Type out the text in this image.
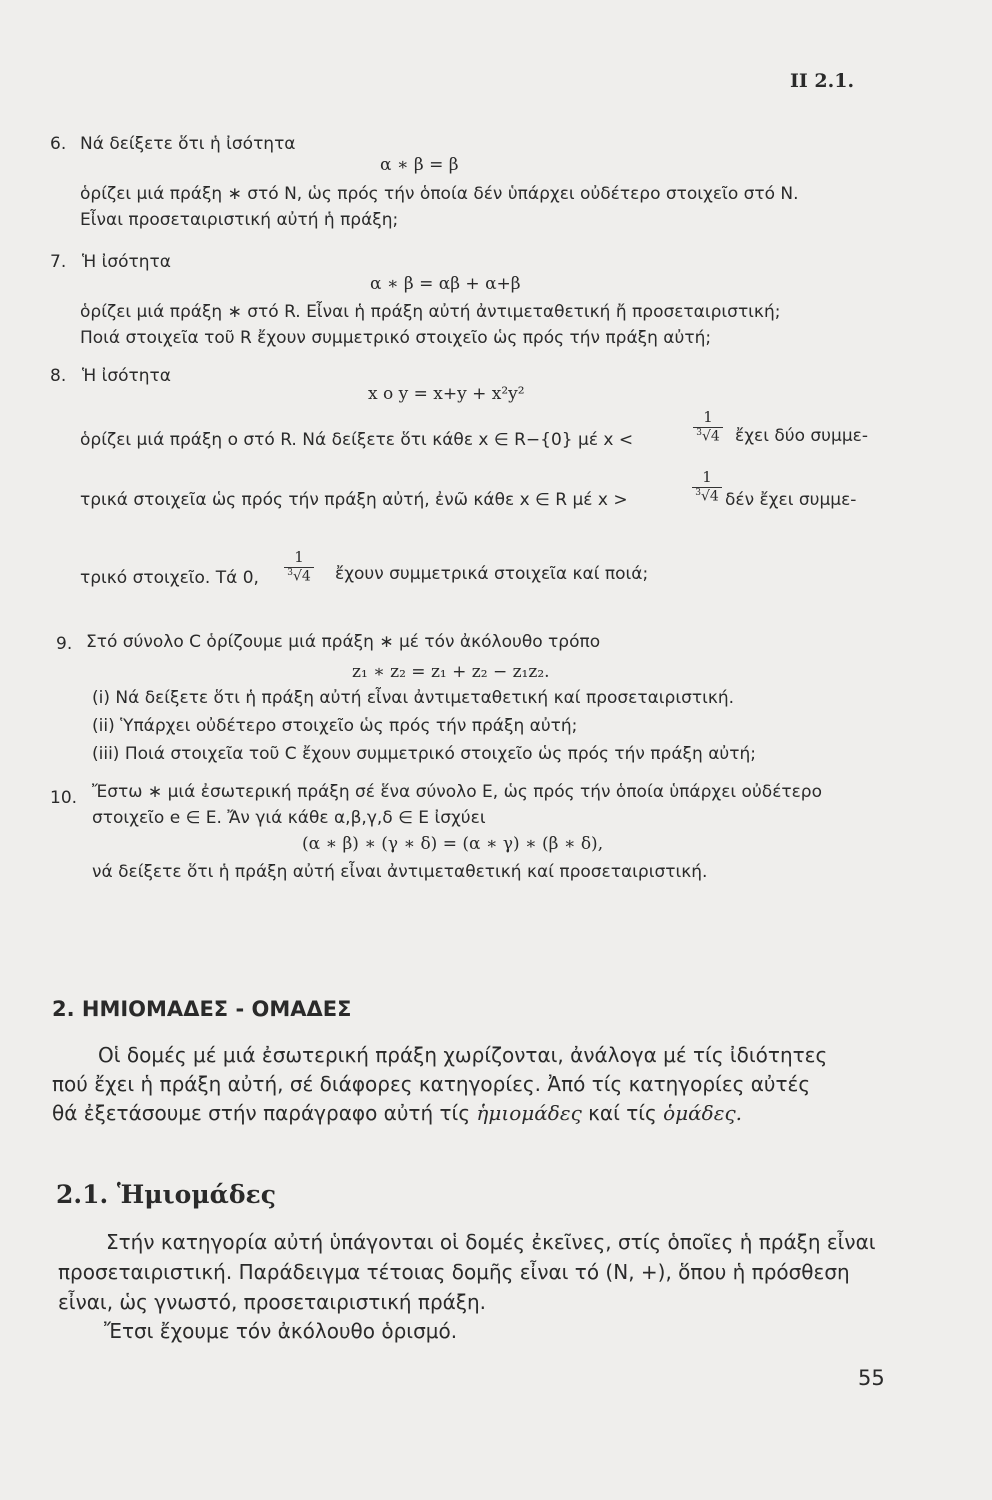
II 2.1.
6. Νά δείξετε ὅτι ἡ ἰσότητα
α ∗ β = β
ὁρίζει μιά πράξη ∗ στό N, ὡς πρός τήν ὁποία δέν ὑπάρχει οὐδέτερο στοιχεῖο στό N.
Εἶναι προσεταιριστική αὐτή ἡ πράξη;
7. Ἡ ἰσότητα
α ∗ β = αβ + α+β
ὁρίζει μιά πράξη ∗ στό R. Εἶναι ἡ πράξη αὐτή ἀντιμεταθετική ἤ προσεταιριστική;
Ποιά στοιχεῖα τοῦ R ἔχουν συμμετρικό στοιχεῖο ὡς πρός τήν πράξη αὐτή;
8. Ἡ ἰσότητα
x o y = x+y + x²y²
ὁρίζει μιά πράξη o στό R. Νά δείξετε ὅτι κάθε x ∈ R−{0} μέ x <
1
$^3$√4 ἔχει δύο συμμε-
τρικά στοιχεῖα ὡς πρός τήν πράξη αὐτή, ἐνῶ κάθε x ∈ R μέ x >
1
$^3$√4 δέν ἔχει συμμε-
τρικό στοιχεῖο. Τά 0,
1
$^3$√4 ἔχουν συμμετρικά στοιχεῖα καί ποιά;
9. Στό σύνολο C ὁρίζουμε μιά πράξη ∗ μέ τόν ἀκόλουθο τρόπο
z₁ ∗ z₂ = z₁ + z₂ − z₁z₂.
(i) Νά δείξετε ὅτι ἡ πράξη αὐτή εἶναι ἀντιμεταθετική καί προσεταιριστική.
(ii) Ὑπάρχει οὐδέτερο στοιχεῖο ὡς πρός τήν πράξη αὐτή;
(iii) Ποιά στοιχεῖα τοῦ C ἔχουν συμμετρικό στοιχεῖο ὡς πρός τήν πράξη αὐτή;
10. Ἔστω ∗ μιά ἐσωτερική πράξη σέ ἕνα σύνολο E, ὡς πρός τήν ὁποία ὑπάρχει οὐδέτερο
στοιχεῖο e ∈ E. Ἄν γιά κάθε α,β,γ,δ ∈ E ἰσχύει
(α ∗ β) ∗ (γ ∗ δ) = (α ∗ γ) ∗ (β ∗ δ),
νά δείξετε ὅτι ἡ πράξη αὐτή εἶναι ἀντιμεταθετική καί προσεταιριστική.
2. ΗΜΙΟΜΑΔΕΣ - ΟΜΑΔΕΣ
Οἱ δομές μέ μιά ἐσωτερική πράξη χωρίζονται, ἀνάλογα μέ τίς ἰδιότητες
πού ἔχει ἡ πράξη αὐτή, σέ διάφορες κατηγορίες. Ἀπό τίς κατηγορίες αὐτές
θά ἐξετάσουμε στήν παράγραφο αὐτή τίς ἡμιομάδες καί τίς ὁμάδες.
2.1. Ἡμιομάδες
Στήν κατηγορία αὐτή ὑπάγονται οἱ δομές ἐκεῖνες, στίς ὁποῖες ἡ πράξη εἶναι
προσεταιριστική. Παράδειγμα τέτοιας δομῆς εἶναι τό (N, +), ὅπου ἡ πρόσθεση
εἶναι, ὡς γνωστό, προσεταιριστική πράξη.
Ἔτσι ἔχουμε τόν ἀκόλουθο ὁρισμό.
55
